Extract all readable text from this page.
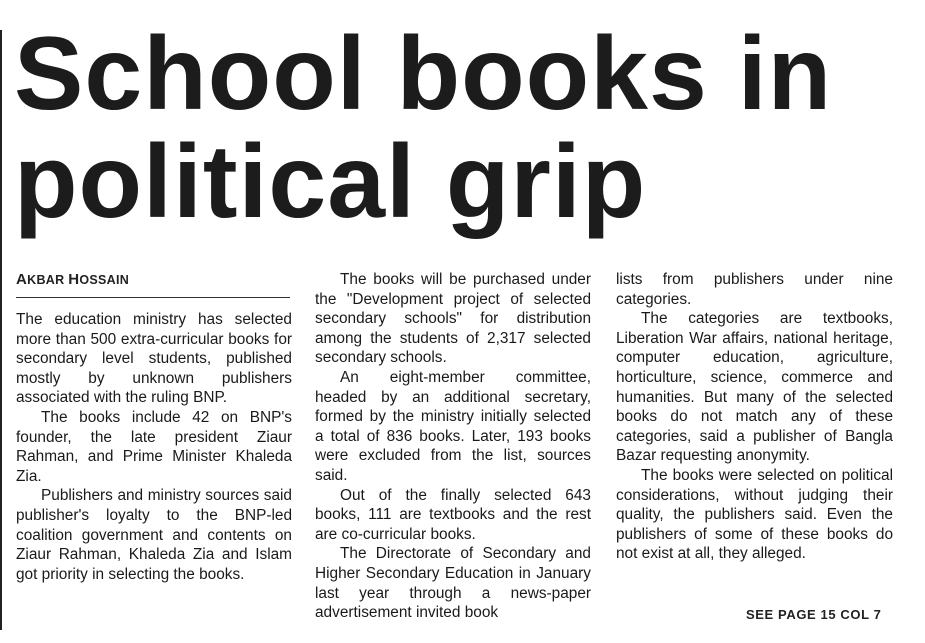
School books in
political grip
AKBAR HOSSAIN

The education ministry has selected more than 500 extra-curricular books for secondary level students, published mostly by unknown publishers associated with the ruling BNP.

The books include 42 on BNP's founder, the late president Ziaur Rahman, and Prime Minister Khaleda Zia.

Publishers and ministry sources said publisher's loyalty to the BNP-led coalition government and contents on Ziaur Rahman, Khaleda Zia and Islam got priority in selecting the books.

The books will be purchased under the "Development project of selected secondary schools" for distribution among the students of 2,317 selected secondary schools.

An eight-member committee, headed by an additional secretary, formed by the ministry initially selected a total of 836 books. Later, 193 books were excluded from the list, sources said.

Out of the finally selected 643 books, 111 are textbooks and the rest are co-curricular books.

The Directorate of Secondary and Higher Secondary Education in January last year through a news-paper advertisement invited book

lists from publishers under nine categories.

The categories are textbooks, Liberation War affairs, national heritage, computer education, agriculture, horticulture, science, commerce and humanities. But many of the selected books do not match any of these categories, said a publisher of Bangla Bazar requesting anonymity.

The books were selected on political considerations, without judging their quality, the publishers said. Even the publishers of some of these books do not exist at all, they alleged.

SEE PAGE 15 COL 7
